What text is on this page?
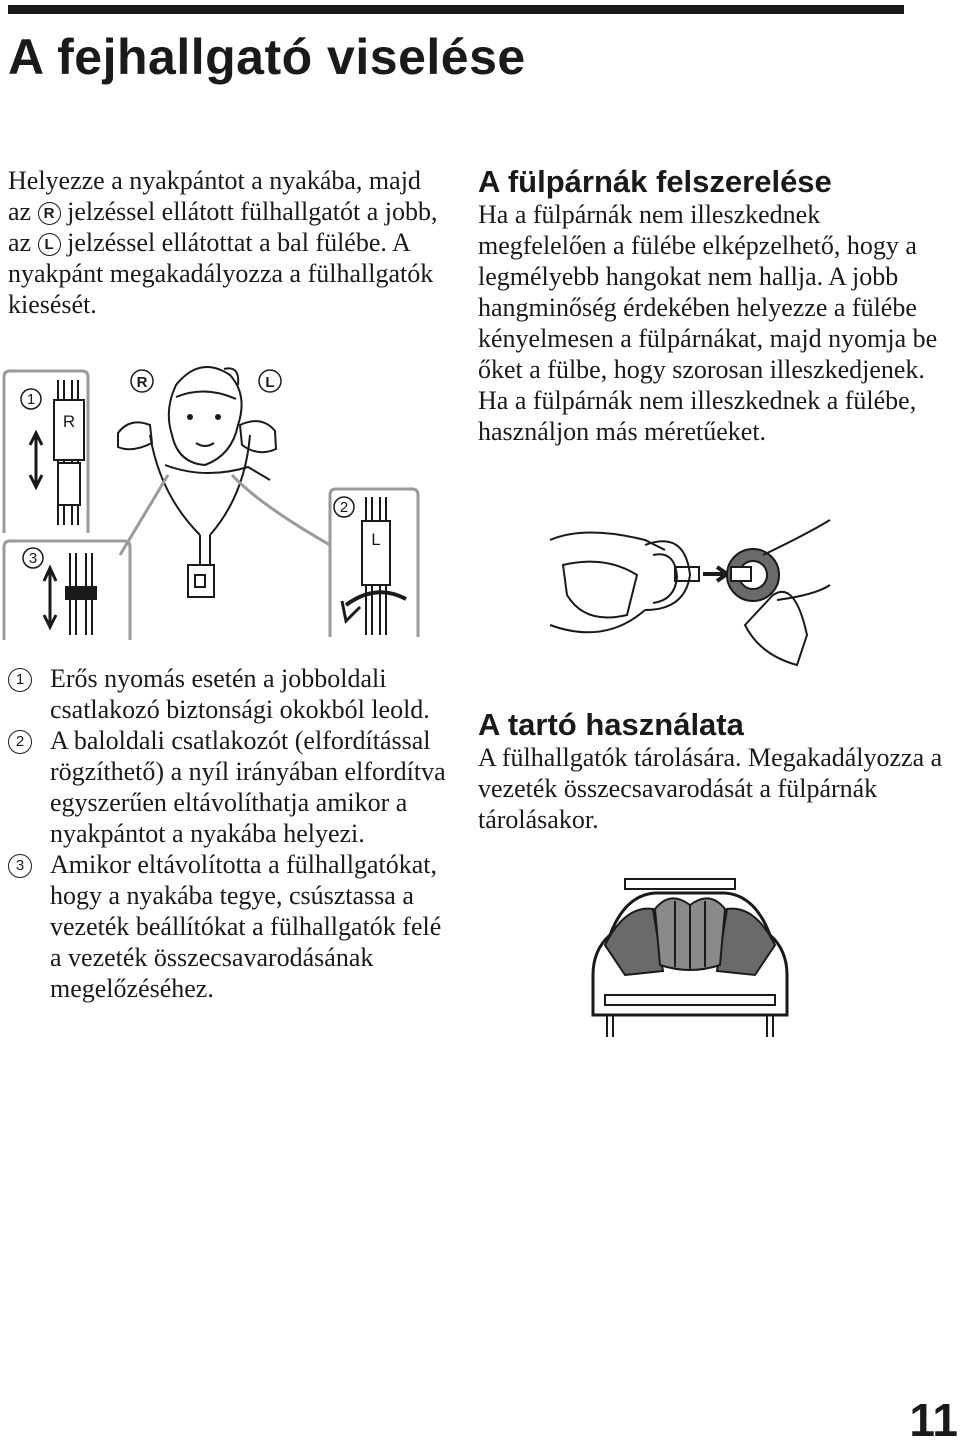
A fejhallgató viselése

Helyezze a nyakpántot a nyakába, majd az R jelzéssel ellátott fülhallgatót a jobb, az L jelzéssel ellátottat a bal fülébe. A nyakpánt megakadályozza a fülhallgatók kiesését.

1
3
2
R	L
R
L
1 Erős nyomás esetén a jobboldali csatlakozó biztonsági okokból leold.
2 A baloldali csatlakozót (elfordítással rögzíthető) a nyíl irányában elfordítva egyszerűen eltávolíthatja amikor a nyakpántot a nyakába helyezi.
3 Amikor eltávolította a fülhallgatókat, hogy a nyakába tegye, csúsztassa a vezeték beállítókat a fülhallgatók felé a vezeték összecsavarodásának megelőzéséhez.
A fülpárnák felszerelése

Ha a fülpárnák nem illeszkednek megfelelően a fülébe elképzelhető, hogy a legmélyebb hangokat nem hallja. A jobb hangminőség érdekében helyezze a fülébe kényelmesen a fülpárnákat, majd nyomja be őket a fülbe, hogy szorosan illeszkedjenek. Ha a fülpárnák nem illeszkednek a fülébe, használjon más méretűeket.

A tartó használata

A fülhallgatók tárolására. Megakadályozza a vezeték összecsavarodását a fülpárnák tárolásakor.

11
